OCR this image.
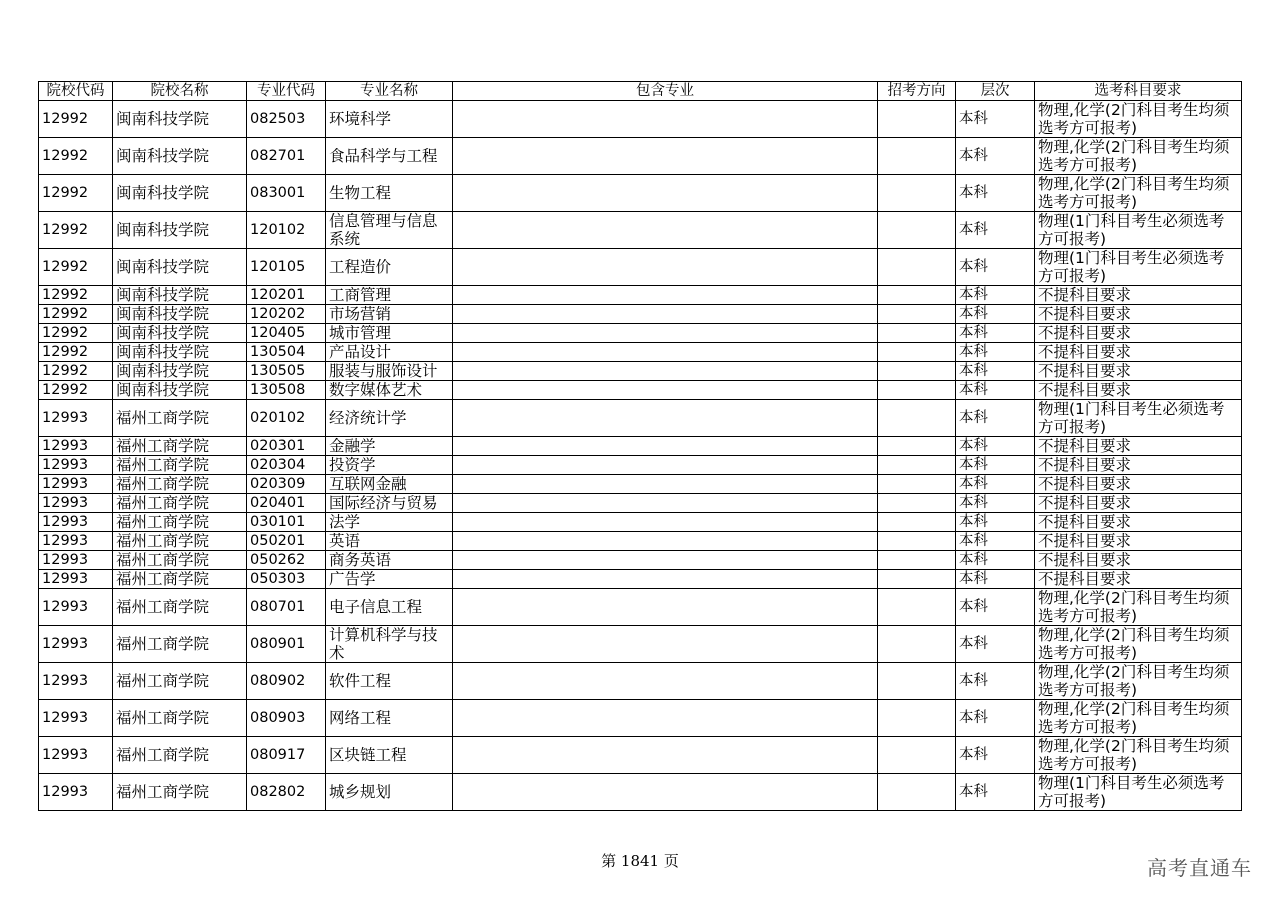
院校代码	院校名称	专业代码	专业名称	包含专业	招考方向	层次	选考科目要求
12992	闽南科技学院	082503	环境科学			本科	物理,化学(2门科目考生均须选考方可报考)
12992	闽南科技学院	082701	食品科学与工程			本科	物理,化学(2门科目考生均须选考方可报考)
12992	闽南科技学院	083001	生物工程			本科	物理,化学(2门科目考生均须选考方可报考)
12992	闽南科技学院	120102	信息管理与信息系统			本科	物理(1门科目考生必须选考方可报考)
12992	闽南科技学院	120105	工程造价			本科	物理(1门科目考生必须选考方可报考)
12992	闽南科技学院	120201	工商管理			本科	不提科目要求
12992	闽南科技学院	120202	市场营销			本科	不提科目要求
12992	闽南科技学院	120405	城市管理			本科	不提科目要求
12992	闽南科技学院	130504	产品设计			本科	不提科目要求
12992	闽南科技学院	130505	服装与服饰设计			本科	不提科目要求
12992	闽南科技学院	130508	数字媒体艺术			本科	不提科目要求
12993	福州工商学院	020102	经济统计学			本科	物理(1门科目考生必须选考方可报考)
12993	福州工商学院	020301	金融学			本科	不提科目要求
12993	福州工商学院	020304	投资学			本科	不提科目要求
12993	福州工商学院	020309	互联网金融			本科	不提科目要求
12993	福州工商学院	020401	国际经济与贸易			本科	不提科目要求
12993	福州工商学院	030101	法学			本科	不提科目要求
12993	福州工商学院	050201	英语			本科	不提科目要求
12993	福州工商学院	050262	商务英语			本科	不提科目要求
12993	福州工商学院	050303	广告学			本科	不提科目要求
12993	福州工商学院	080701	电子信息工程			本科	物理,化学(2门科目考生均须选考方可报考)
12993	福州工商学院	080901	计算机科学与技术			本科	物理,化学(2门科目考生均须选考方可报考)
12993	福州工商学院	080902	软件工程			本科	物理,化学(2门科目考生均须选考方可报考)
12993	福州工商学院	080903	网络工程			本科	物理,化学(2门科目考生均须选考方可报考)
12993	福州工商学院	080917	区块链工程			本科	物理,化学(2门科目考生均须选考方可报考)
12993	福州工商学院	082802	城乡规划			本科	物理(1门科目考生必须选考方可报考)
第 1841 页	高考直通车
